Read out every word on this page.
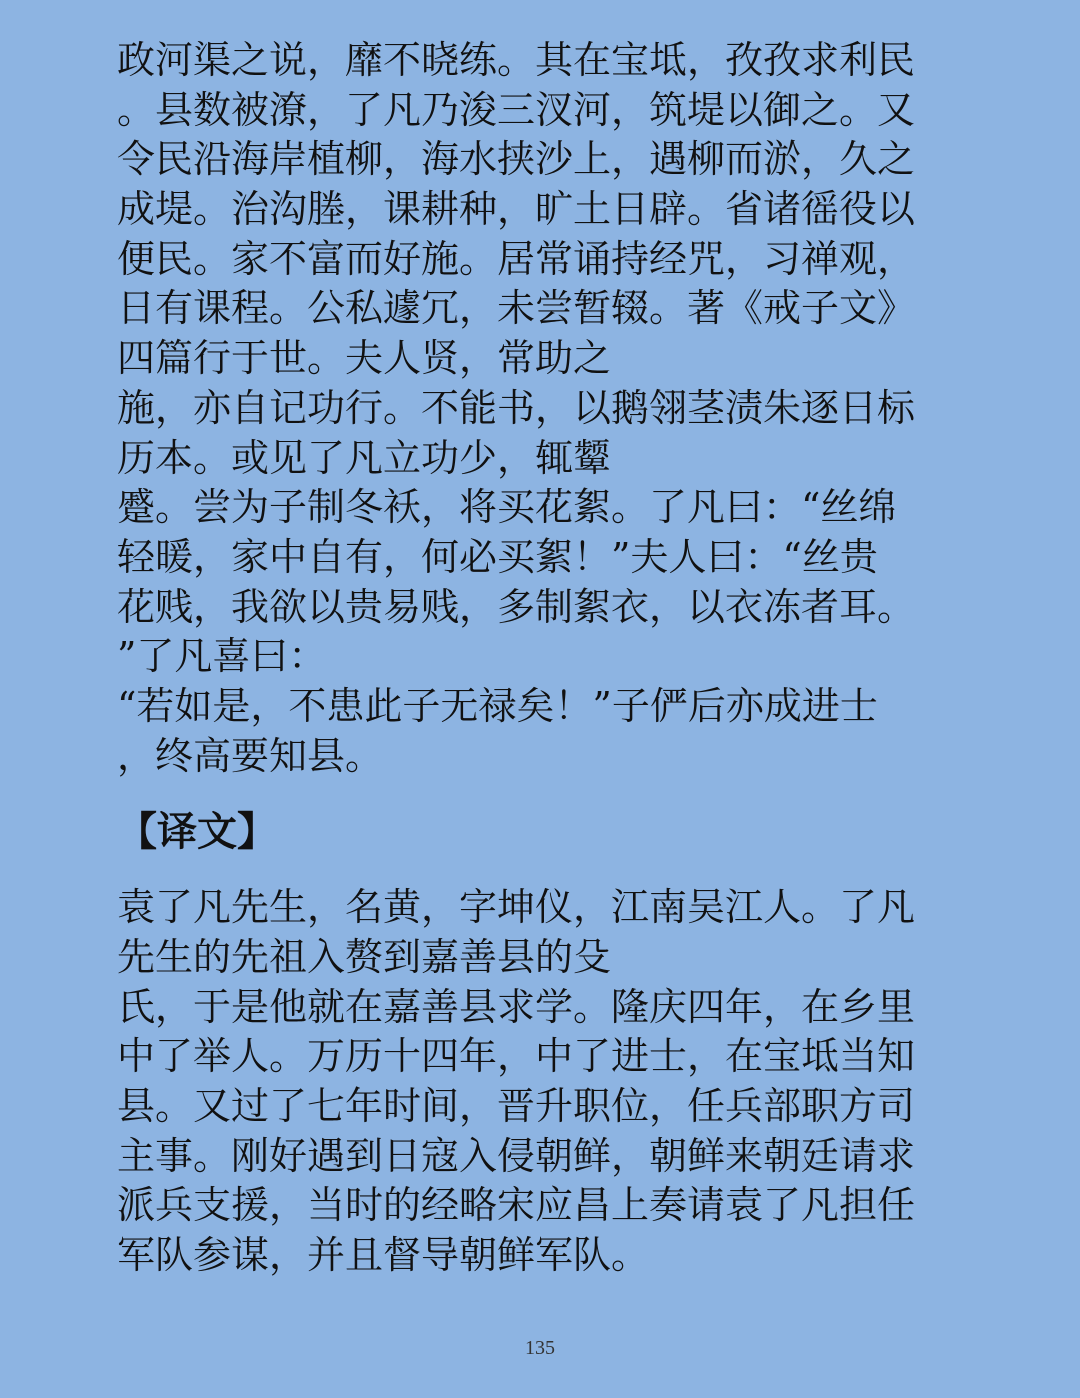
政河渠之说，靡不晓练。其在宝坻，孜孜求利民
。县数被潦，了凡乃浚三汊河，筑堤以御之。又
令民沿海岸植柳，海水挟沙上，遇柳而淤，久之
成堤。治沟塍，课耕种，旷土日辟。省诸徭役以
便民。家不富而好施。居常诵持经咒，习禅观，
日有课程。公私遽冗，未尝暂辍。著《戒子文》
四篇行于世。夫人贤，常助之
施，亦自记功行。不能书，以鹅翎茎渍朱逐日标
历本。或见了凡立功少，辄颦
蹙。尝为子制冬袄，将买花絮。了凡曰：“丝绵
轻暖，家中自有，何必买絮！”夫人曰：“丝贵
花贱，我欲以贵易贱，多制絮衣，以衣冻者耳。
”了凡喜曰：
“若如是，不患此子无禄矣！”子俨后亦成进士
，终高要知县。
【译文】
袁了凡先生，名黄，字坤仪，江南吴江人。了凡
先生的先祖入赘到嘉善县的殳
氏，于是他就在嘉善县求学。隆庆四年，在乡里
中了举人。万历十四年，中了进士，在宝坻当知
县。又过了七年时间，晋升职位，任兵部职方司
主事。刚好遇到日寇入侵朝鲜，朝鲜来朝廷请求
派兵支援，当时的经略宋应昌上奏请袁了凡担任
军队参谋，并且督导朝鲜军队。
135
